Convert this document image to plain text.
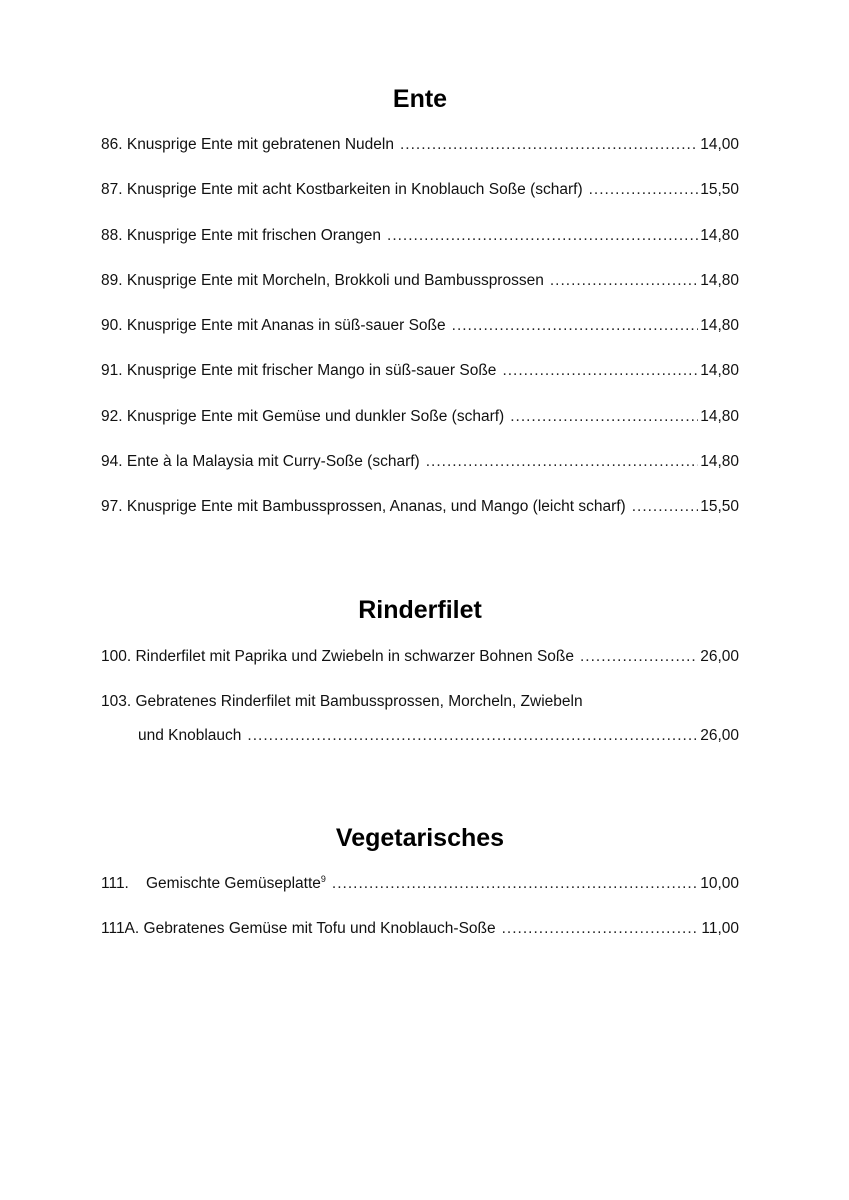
Ente
86. Knusprige Ente mit gebratenen Nudeln .....	14,00
87. Knusprige Ente mit acht Kostbarkeiten in Knoblauch Soße (scharf) .....	15,50
88. Knusprige Ente mit frischen Orangen .....	14,80
89. Knusprige Ente mit Morcheln, Brokkoli und Bambussprossen .....	14,80
90. Knusprige Ente mit Ananas in süß-sauer Soße .....	14,80
91. Knusprige Ente mit frischer Mango in süß-sauer Soße .....	14,80
92. Knusprige Ente mit Gemüse und dunkler Soße (scharf) .....	14,80
94. Ente à la Malaysia mit Curry-Soße (scharf) .....	14,80
97. Knusprige Ente mit Bambussprossen, Ananas, und Mango (leicht scharf) .....	15,50
Rinderfilet
100. Rinderfilet mit Paprika und Zwiebeln in schwarzer Bohnen Soße .....	26,00
103. Gebratenes Rinderfilet mit Bambussprossen, Morcheln, Zwiebeln
und Knoblauch .....	26,00
Vegetarisches
111. Gemischte Gemüseplatte$^9$ .....	10,00
111A. Gebratenes Gemüse mit Tofu und Knoblauch-Soße .....	11,00
